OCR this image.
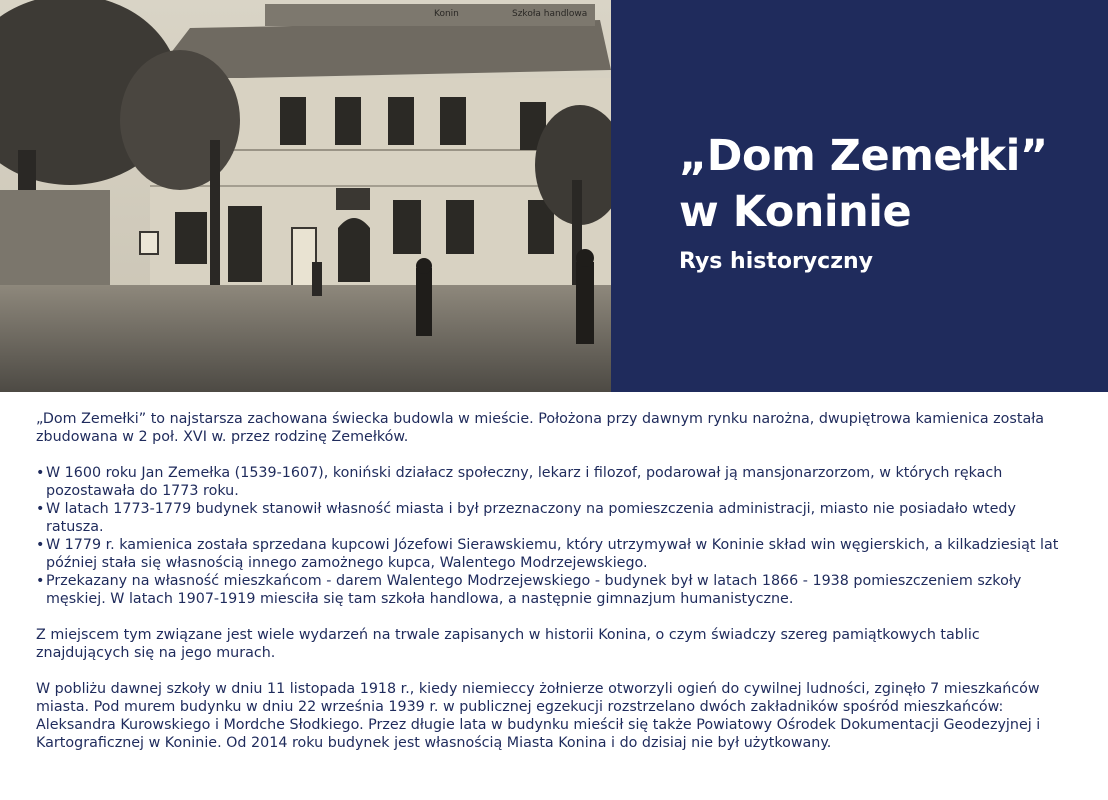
Konin	Szkoła handlowa
„Dom Zemełki”
w Koninie
Rys historyczny

„Dom Zemełki” to najstarsza zachowana świecka budowla w mieście. Położona przy dawnym rynku narożna, dwupiętrowa kamienica została zbudowana w 2 poł. XVI w. przez rodzinę Zemełków.

• W 1600 roku Jan Zemełka (1539-1607), koniński działacz społeczny, lekarz i filozof, podarował ją mansjonarzorzom, w których rękach pozostawała do 1773 roku.
• W latach 1773-1779 budynek stanowił własność miasta i był przeznaczony na pomieszczenia administracji, miasto nie posiadało wtedy ratusza.
• W 1779 r. kamienica została sprzedana kupcowi Józefowi Sierawskiemu, który utrzymywał w Koninie skład win węgierskich, a kilkadziesiąt lat później stała się własnością innego zamożnego kupca, Walentego Modrzejewskiego.
• Przekazany na własność mieszkańcom - darem Walentego Modrzejewskiego - budynek był w latach 1866 - 1938 pomieszczeniem szkoły męskiej. W latach 1907-1919 miesciła się tam szkoła handlowa, a następnie gimnazjum humanistyczne.

Z miejscem tym związane jest wiele wydarzeń na trwale zapisanych w historii Konina, o czym świadczy szereg pamiątkowych tablic znajdujących się na jego murach.

W pobliżu dawnej szkoły w dniu 11 listopada 1918 r., kiedy niemieccy żołnierze otworzyli ogień do cywilnej ludności, zginęło 7 mieszkańców miasta. Pod murem budynku w dniu 22 września 1939 r. w publicznej egzekucji rozstrzelano dwóch zakładników spośród mieszkańców: Aleksandra Kurowskiego i Mordche Słodkiego. Przez długie lata w budynku mieścił się także Powiatowy Ośrodek Dokumentacji Geodezyjnej i Kartograficznej w Koninie. Od 2014 roku budynek jest własnością Miasta Konina i do dzisiaj nie był użytkowany.
